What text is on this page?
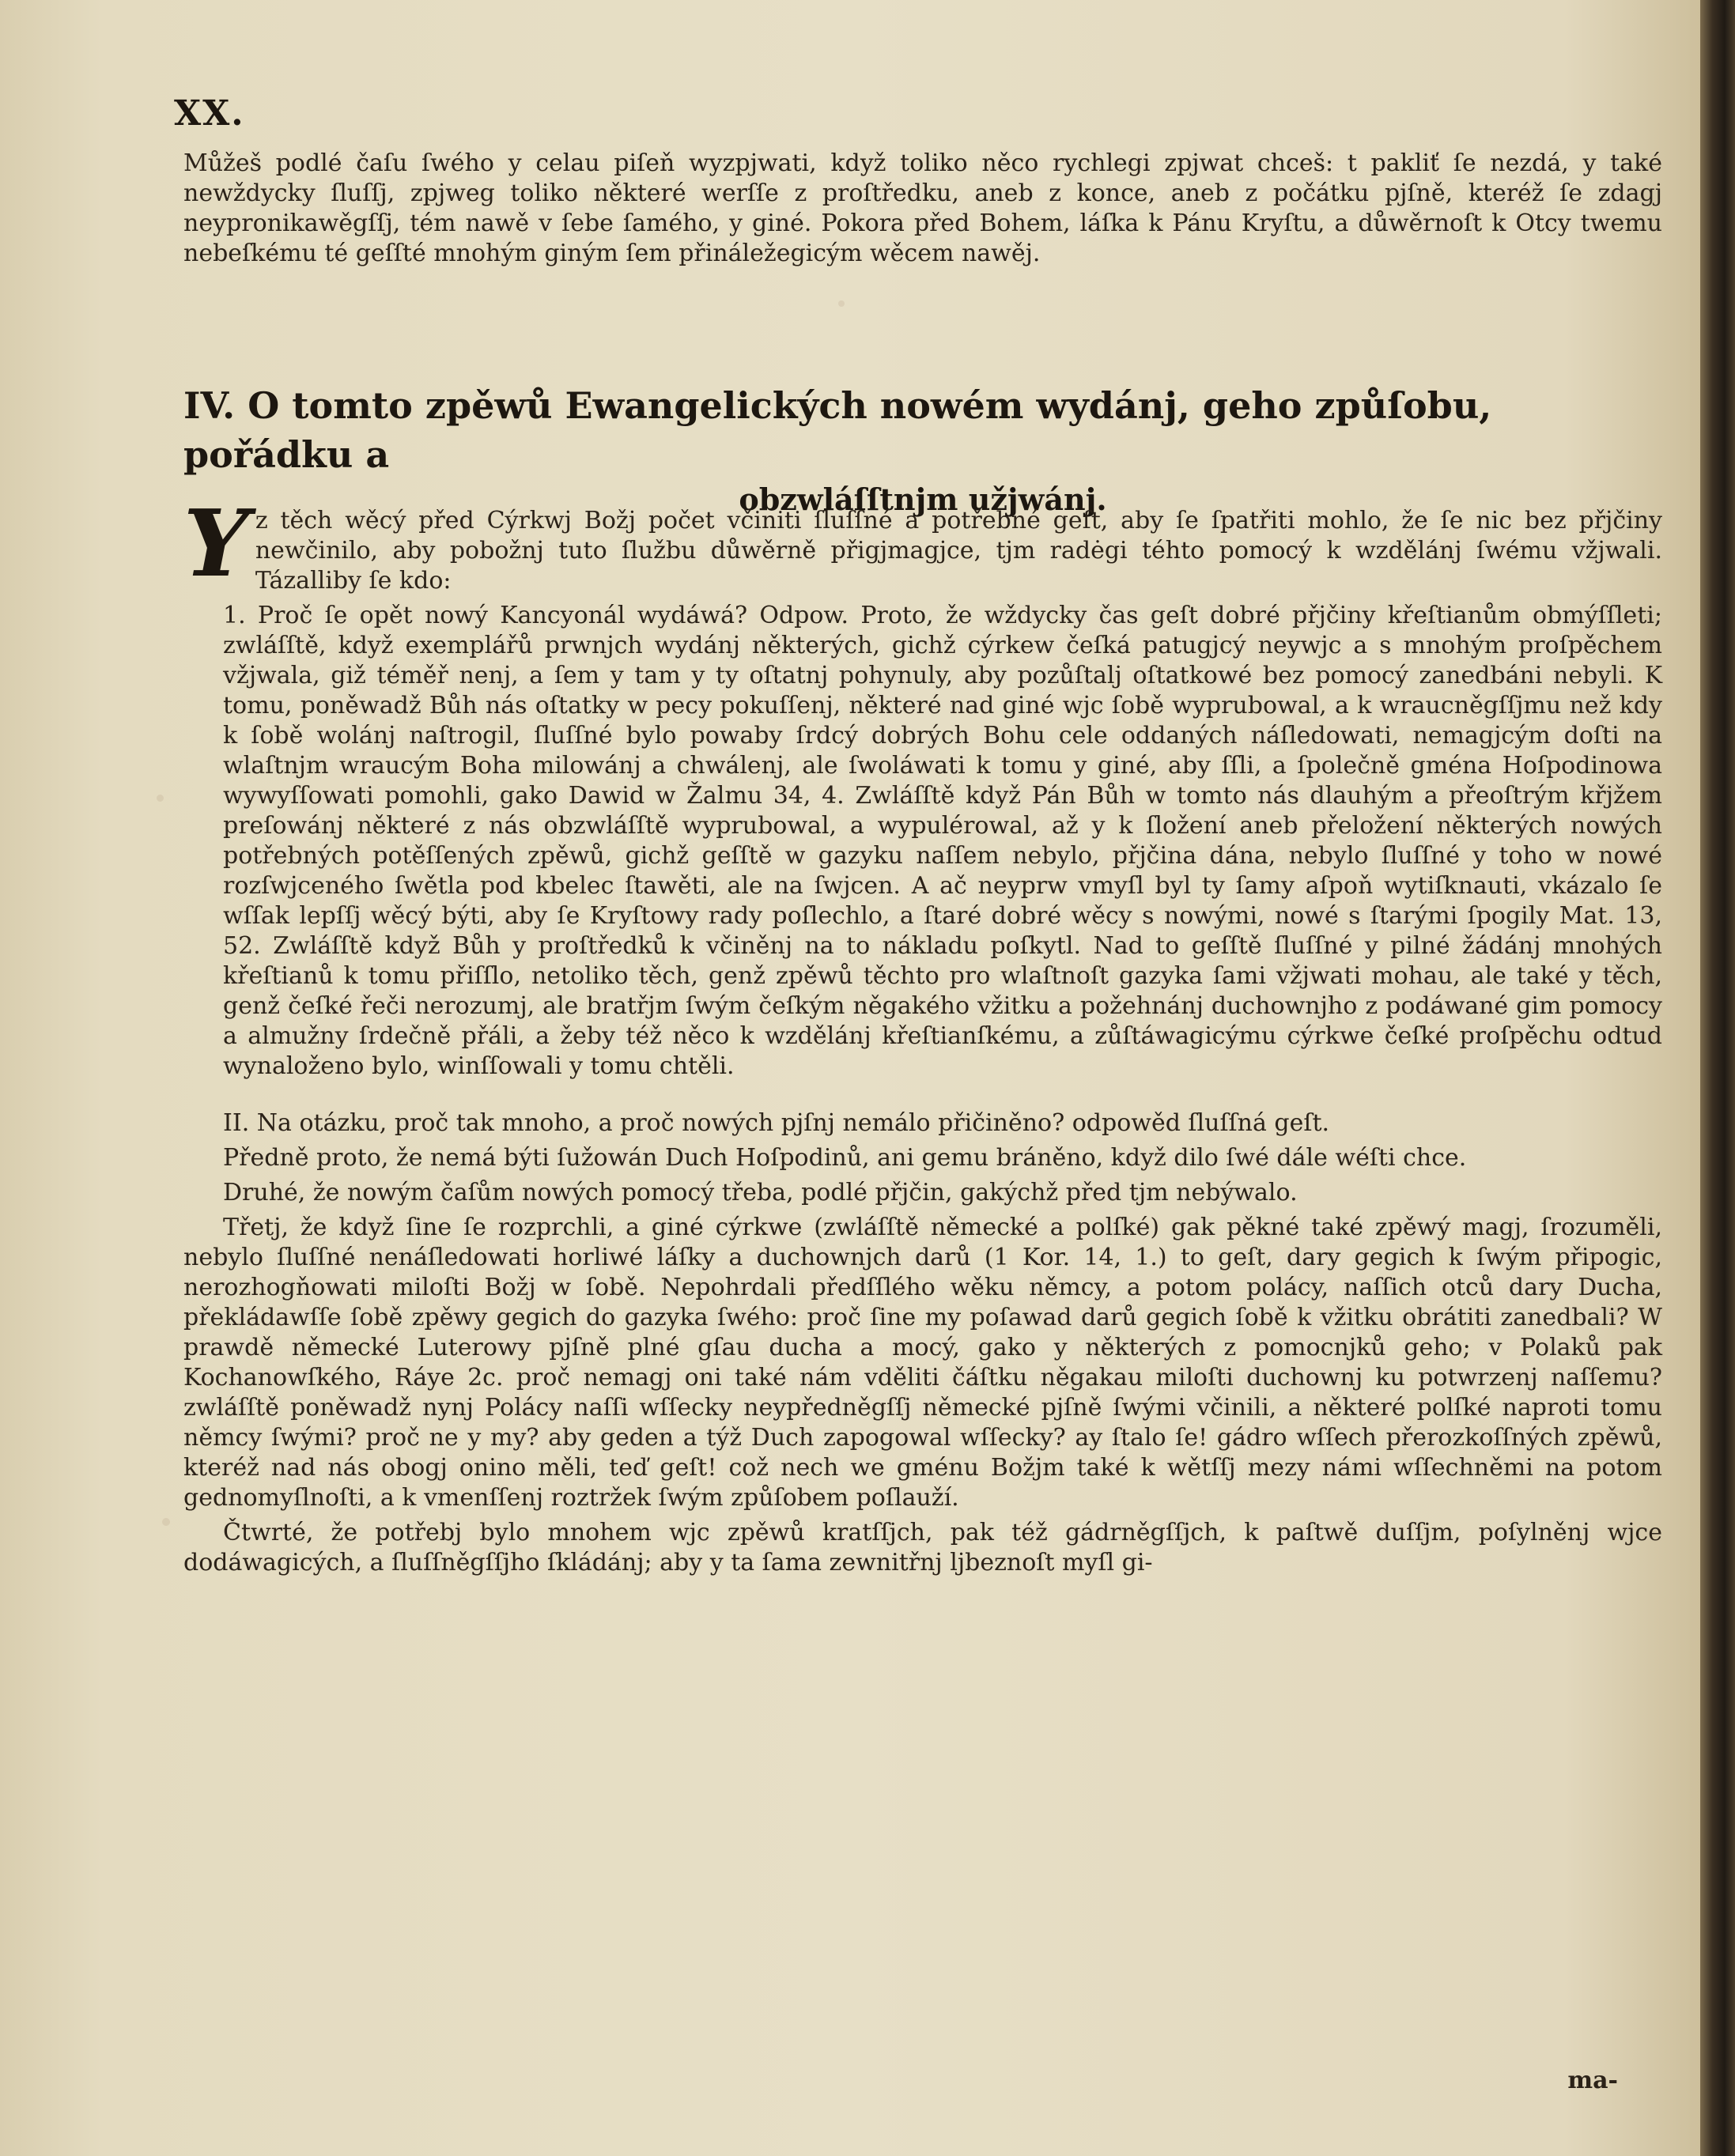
XX.
Můžeš podlé čaſu ſwého y celau piſeň wyzpjwati, když toliko něco rychlegi zpjwat chceš: t pakliť ſe nezdá, y také newždycky ſluſſj, zpjweg toliko některé werſſe z proſtředku, aneb z konce, aneb z počátku pjſně, kteréž ſe zdagj neypronikawěgſſj, tém nawě v ſebe ſamého, y giné. Pokora před Bohem, láſka k Pánu Kryſtu, a důwěrnoſt k Otcy twemu nebeſkému té geſſté mnohým giným ſem přináležegicým wěcem nawěj.
IV. O tomto zpěwů Ewangelických nowém wydánj, geho způſobu, pořádku a
obzwláſſtnjm užjwánj.

Y z těch wěcý před Cýrkwj Božj počet včiniti ſluſſné a potřebné geſt, aby ſe ſpatřiti mohlo, že ſe nic bez přjčiny newčinilo, aby pobožnj tuto ſlužbu důwěrně přigjmagjce, tjm radėgi téhto pomocý k wzdělánj ſwému vžjwali. Tázalliby ſe kdo:

1. Proč ſe opět nowý Kancyonál wydáwá? Odpow. Proto, že wždycky čas geſt dobré přjčiny křeſtianům obmýſſleti; zwláſſtě, když exemplářů prwnjch wydánj některých, gichž cýrkew čeſká patugjcý neywjc a s mnohým proſpěchem vžjwala, giž téměř nenj, a ſem y tam y ty oſtatnj pohynuly, aby pozůſtalj oſtatkowé bez pomocý zanedbáni nebyli. K tomu, poněwadž Bůh nás oſtatky w pecy pokuſſenj, některé nad giné wjc ſobě wyprubowal, a k wraucněgſſjmu než kdy k ſobě wolánj naſtrogil, ſluſſné bylo powaby ſrdcý dobrých Bohu cele oddaných náſledowati, nemagjcým doſti na wlaſtnjm wraucým Boha milowánj a chwálenj, ale ſwoláwati k tomu y giné, aby ſſli, a ſpolečně gména Hoſpodinowa wywyſſowati pomohli, gako Dawid w Žalmu 34, 4. Zwláſſtě když Pán Bůh w tomto nás dlauhým a přeoſtrým křjžem preſowánj některé z nás obzwláſſtě wyprubowal, a wypulérowal, až y k ſložení aneb přeložení některých nowých potřebných potěſſených zpěwů, gichž geſſtě w gazyku naſſem nebylo, přjčina dána, nebylo ſluſſné y toho w nowé rozſwjceného ſwětla pod kbelec ſtawěti, ale na ſwjcen. A ač neyprw vmyſl byl ty ſamy aſpoň wytiſknauti, vkázalo ſe wſſak lepſſj wěcý býti, aby ſe Kryſtowy rady poſlechlo, a ſtaré dobré wěcy s nowými, nowé s ſtarými ſpogily Mat. 13, 52. Zwláſſtě když Bůh y proſtředků k včiněnj na to nákladu poſkytl. Nad to geſſtě ſluſſné y pilné žádánj mnohých křeſtianů k tomu přiſſlo, netoliko těch, genž zpěwů těchto pro wlaſtnoſt gazyka ſami vžjwati mohau, ale také y těch, genž čeſké řeči nerozumj, ale bratřjm ſwým čeſkým něgakého vžitku a požehnánj duchownjho z podáwané gim pomocy a almužny ſrdečně přáli, a žeby též něco k wzdělánj křeſtianſkému, a zůſtáwagicýmu cýrkwe čeſké proſpěchu odtud wynaloženo bylo, winſſowali y tomu chtěli.

II. Na otázku, proč tak mnoho, a proč nowých pjſnj nemálo přičiněno? odpowěd ſluſſná geſt.

Předně proto, že nemá býti ſužowán Duch Hoſpodinů, ani gemu bráněno, když dilo ſwé dále wéſti chce.

Druhé, že nowým čaſům nowých pomocý třeba, podlé přjčin, gakýchž před tjm nebýwalo.

Třetj, že když ſine ſe rozprchli, a giné cýrkwe (zwláſſtě německé a polſké) gak pěkné také zpěwý magj, ſrozuměli, nebylo ſluſſné nenáſledowati horliwé láſky a duchownjch darů (1 Kor. 14, 1.) to geſt, dary gegich k ſwým připogic, nerozhogňowati miloſti Božj w ſobě. Nepohrdali předſſlého wěku němcy, a potom polácy, naſſich otců dary Ducha, překládawſſe ſobě zpěwy gegich do gazyka ſwého: proč ſine my poſawad darů gegich ſobě k vžitku obrátiti zanedbali? W prawdě německé Luterowy pjſně plné gſau ducha a mocý, gako y některých z pomocnjků geho; v Polaků pak Kochanowſkého, Ráye 2c. proč nemagj oni také nám vděliti čáſtku něgakau miloſti duchownj ku potwrzenj naſſemu? zwláſſtě poněwadž nynj Polácy naſſi wſſecky neypředněgſſj německé pjſně ſwými včinili, a některé polſké naproti tomu němcy ſwými? proč ne y my? aby geden a týž Duch zapogowal wſſecky? ay ſtalo ſe! gádro wſſech přerozkoſſných zpěwů, kteréž nad nás obogj onino měli, teď geſt! což nech we gménu Božjm také k wětſſj mezy námi wſſechněmi na potom gednomyſlnoſti, a k vmenſſenj roztržek ſwým způſobem poſlauží.

Čtwrté, že potřebj bylo mnohem wjc zpěwů kratſſjch, pak též gádrněgſſjch, k paſtwě duſſjm, poſylněnj wjce dodáwagicých, a ſluſſněgſſjho ſkládánj; aby y ta ſama zewnitřnj ljbeznoſt myſl gi-

ma-
